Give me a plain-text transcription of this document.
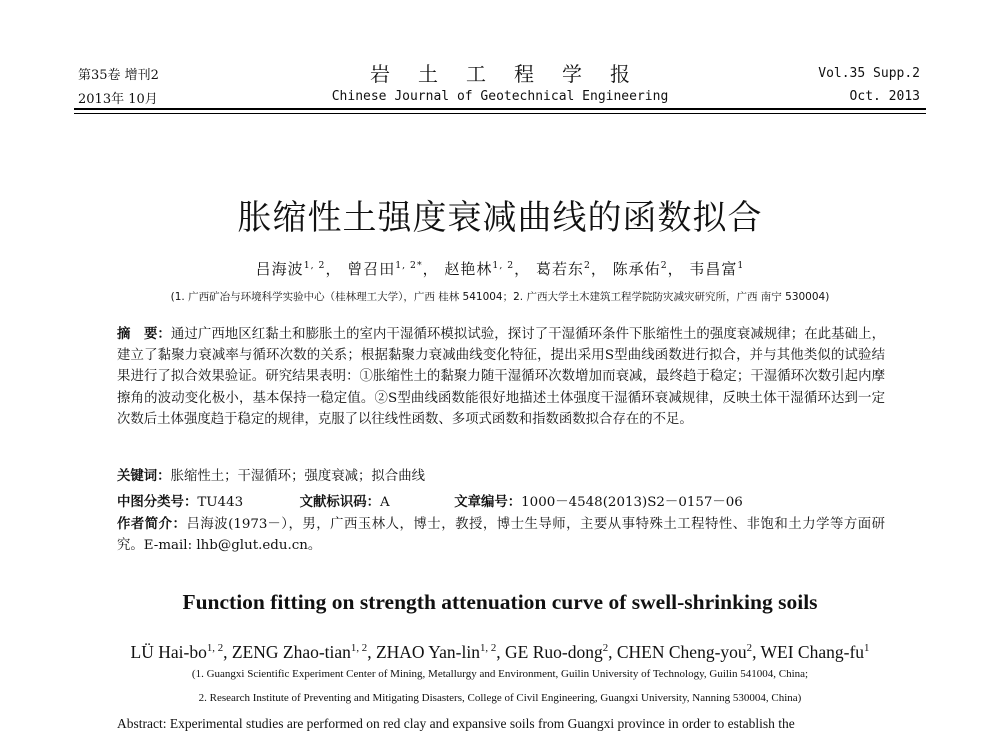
第35卷 增刊2
2013年 10月
岩土工程学报
Chinese Journal of Geotechnical Engineering
Vol.35 Supp.2
Oct. 2013
胀缩性土强度衰减曲线的函数拟合
吕海波$^{1, 2}$， 曾召田$^{1, 2*}$， 赵艳林$^{1, 2}$， 葛若东$^2$， 陈承佑$^2$， 韦昌富$^1$
(1. 广西矿冶与环境科学实验中心（桂林理工大学），广西 桂林 541004；2. 广西大学土木建筑工程学院防灾减灾研究所，广西 南宁 530004)
摘　要：通过广西地区红黏土和膨胀土的室内干湿循环模拟试验，探讨了干湿循环条件下胀缩性土的强度衰减规律；在此基础上，建立了黏聚力衰减率与循环次数的关系；根据黏聚力衰减曲线变化特征，提出采用S型曲线函数进行拟合，并与其他类似的试验结果进行了拟合效果验证。研究结果表明：①胀缩性土的黏聚力随干湿循环次数增加而衰减，最终趋于稳定；干湿循环次数引起内摩擦角的波动变化极小，基本保持一稳定值。②S型曲线函数能很好地描述土体强度干湿循环衰减规律，反映土体干湿循环达到一定次数后土体强度趋于稳定的规律，克服了以往线性函数、多项式函数和指数函数拟合存在的不足。
关键词：胀缩性土；干湿循环；强度衰减；拟合曲线
中图分类号：TU443	文献标识码：A	文章编号：1000－4548(2013)S2－0157－06
作者简介：吕海波(1973－），男，广西玉林人，博士，教授，博士生导师，主要从事特殊土工程特性、非饱和土力学等方面研究。E-mail: lhb@glut.edu.cn。
Function fitting on strength attenuation curve of swell-shrinking soils
LÜ Hai-bo$^{1, 2}$, ZENG Zhao-tian$^{1, 2}$, ZHAO Yan-lin$^{1, 2}$, GE Ruo-dong$^2$, CHEN Cheng-you$^2$, WEI Chang-$fu^1$
(1. Guangxi Scientific Experiment Center of Mining, Metallurgy and Environment, Guilin University of Technology, Guilin 541004, China;
2. Research Institute of Preventing and Mitigating Disasters, College of Civil Engineering, Guangxi University, Nanning 530004, China)
Abstract: Experimental studies are performed on red clay and expansive soils from Guangxi province in order to establish the
